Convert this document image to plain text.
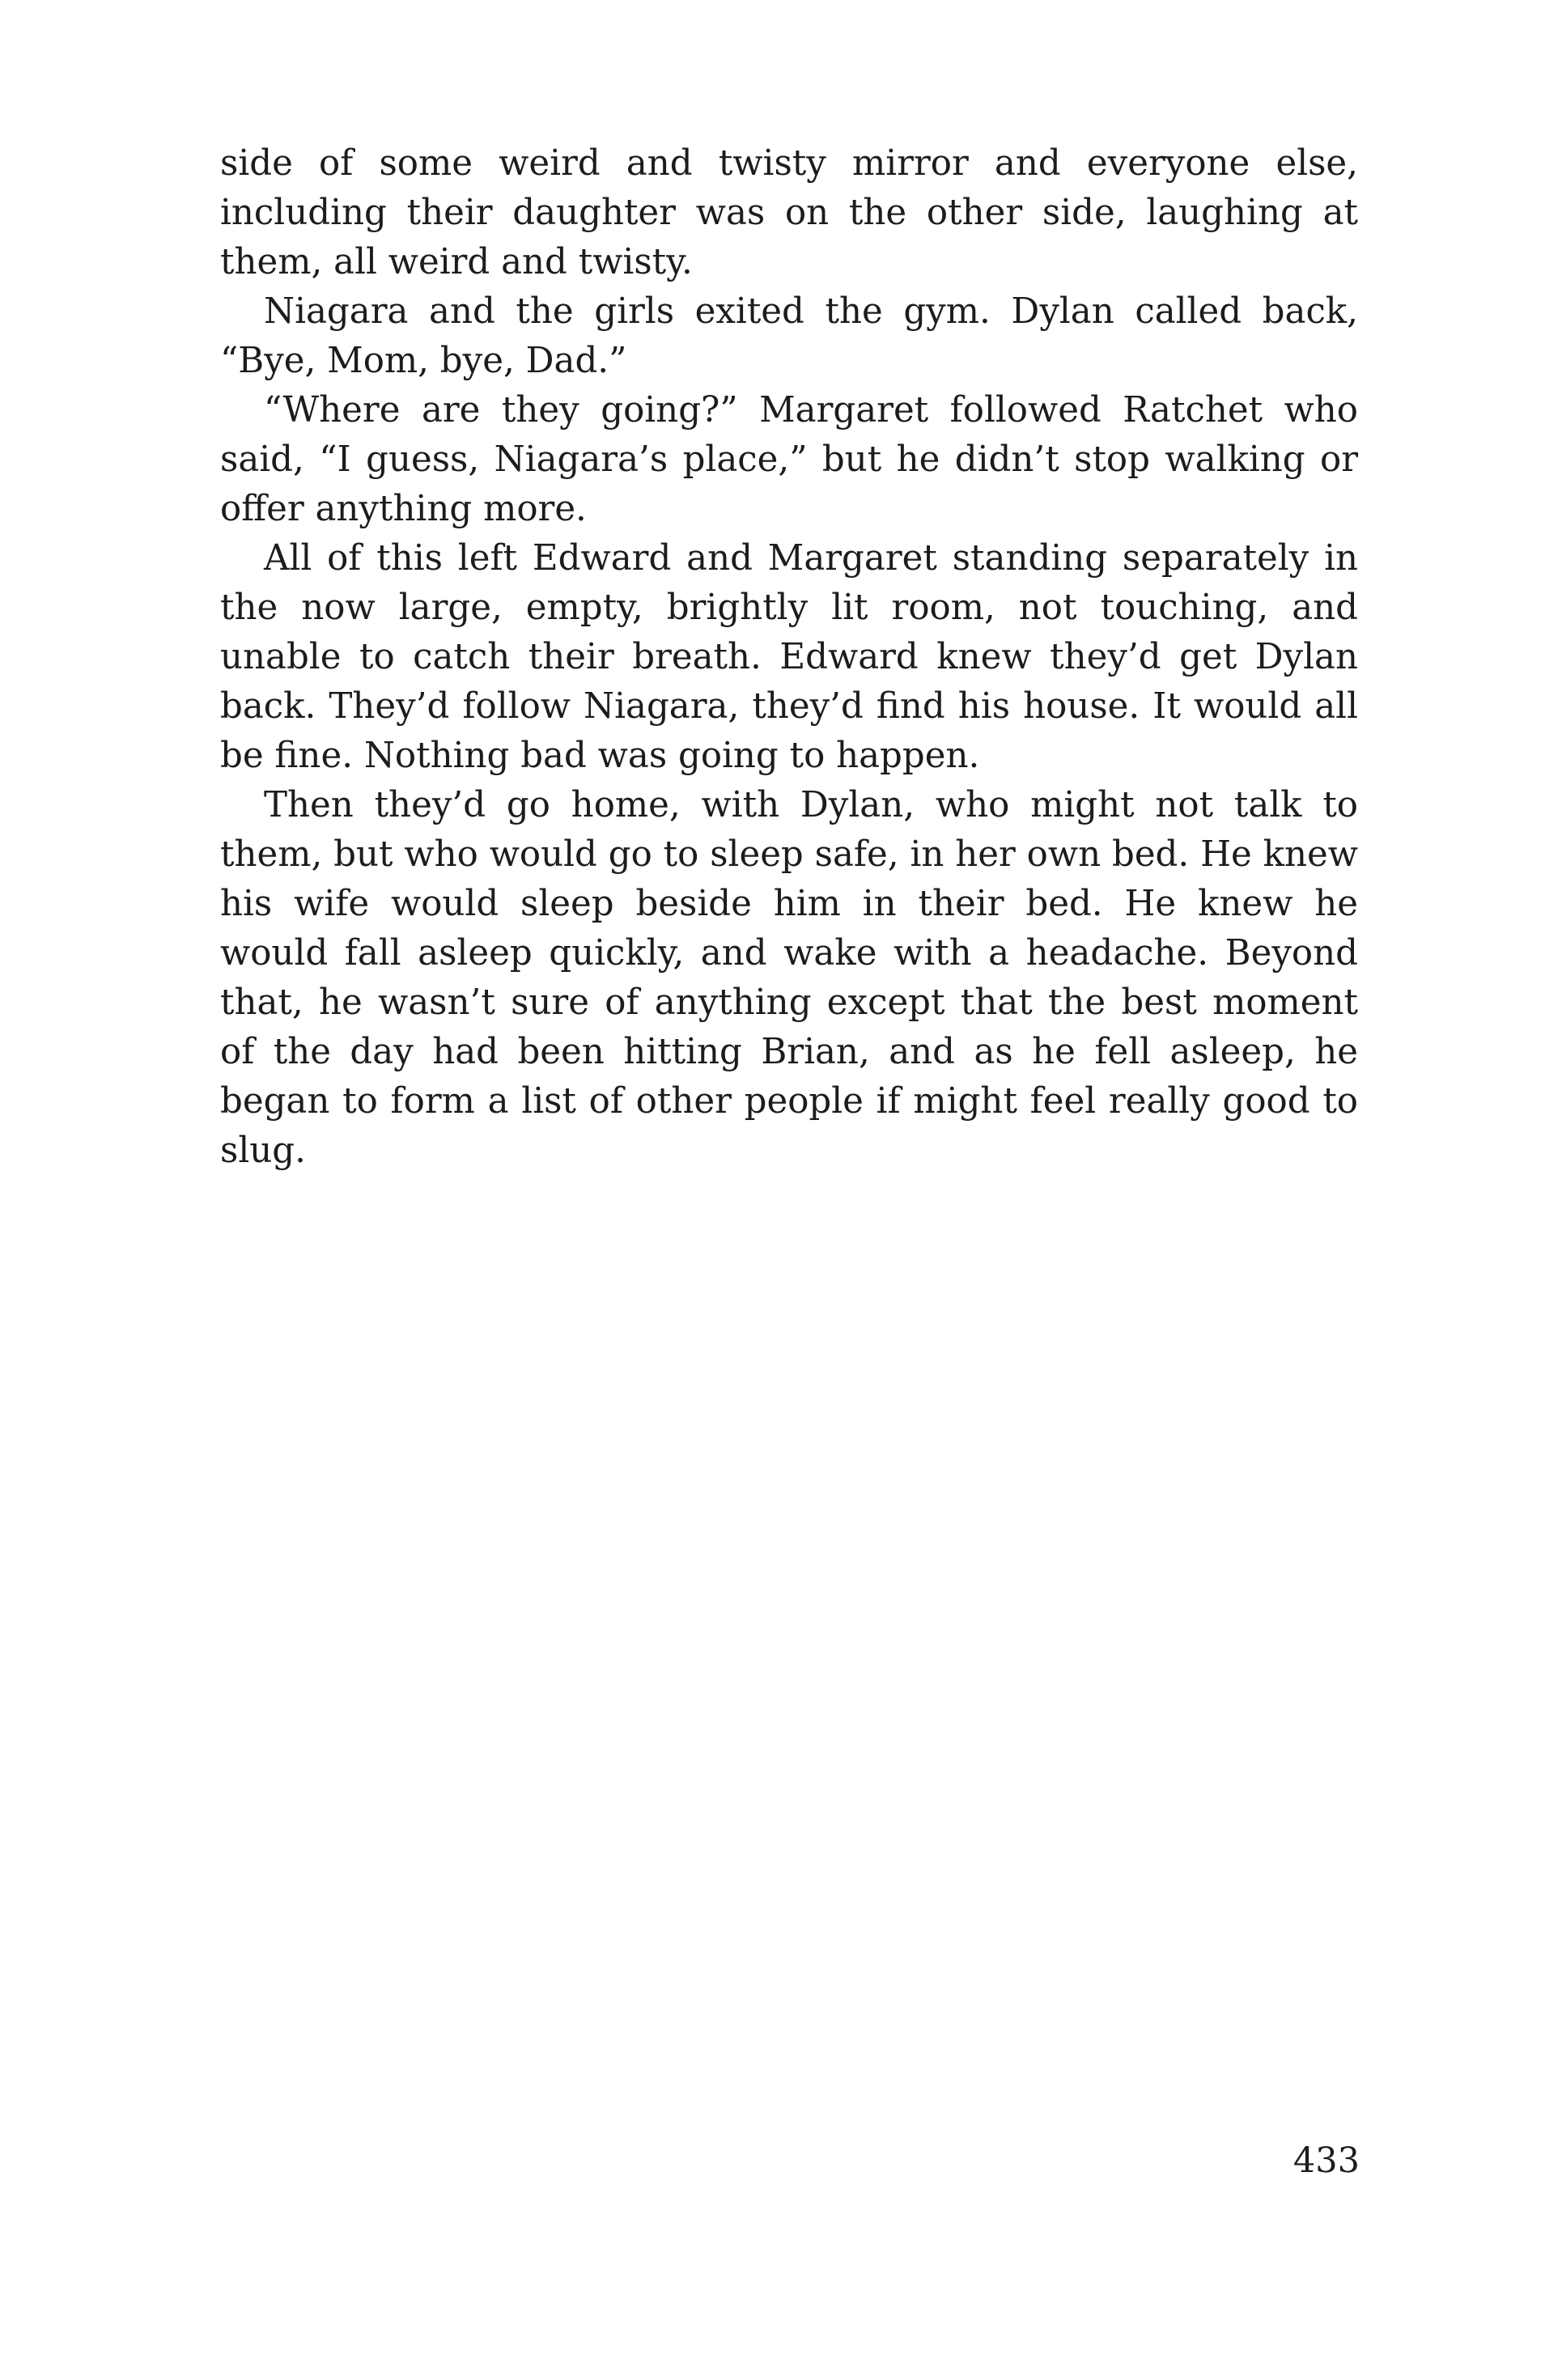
side of some weird and twisty mirror and everyone else, including their daughter was on the other side, laughing at them, all weird and twisty.

Niagara and the girls exited the gym. Dylan called back, “Bye, Mom, bye, Dad.”

“Where are they going?” Margaret followed Ratchet who said, “I guess, Niagara’s place,” but he didn’t stop walking or offer anything more.

All of this left Edward and Margaret standing separately in the now large, empty, brightly lit room, not touching, and unable to catch their breath. Edward knew they’d get Dylan back. They’d follow Niagara, they’d find his house. It would all be fine. Nothing bad was going to happen.

Then they’d go home, with Dylan, who might not talk to them, but who would go to sleep safe, in her own bed. He knew his wife would sleep beside him in their bed. He knew he would fall asleep quickly, and wake with a headache. Beyond that, he wasn’t sure of anything except that the best moment of the day had been hitting Brian, and as he fell asleep, he began to form a list of other people if might feel really good to slug.

433
